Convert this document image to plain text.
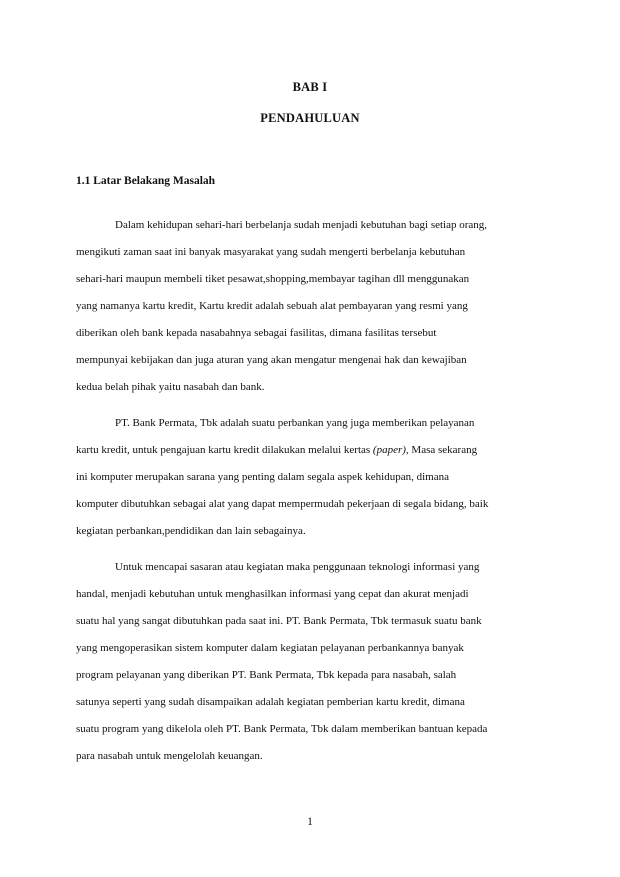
BAB I
PENDAHULUAN
1.1 Latar Belakang Masalah

Dalam kehidupan sehari-hari berbelanja sudah menjadi kebutuhan bagi setiap orang,

mengikuti zaman saat ini banyak masyarakat yang sudah mengerti berbelanja kebutuhan

sehari-hari maupun membeli tiket pesawat,shopping,membayar tagihan dll menggunakan

yang namanya kartu kredit, Kartu kredit adalah sebuah alat pembayaran yang resmi yang

diberikan oleh bank kepada nasabahnya sebagai fasilitas, dimana fasilitas tersebut

mempunyai kebijakan dan juga aturan yang akan mengatur mengenai hak dan kewajiban

kedua belah pihak yaitu nasabah dan bank.

PT. Bank Permata, Tbk adalah suatu perbankan yang juga memberikan pelayanan

kartu kredit, untuk pengajuan kartu kredit dilakukan melalui kertas (paper), Masa sekarang

ini komputer merupakan sarana yang penting dalam segala aspek kehidupan, dimana

komputer dibutuhkan sebagai alat yang dapat mempermudah pekerjaan di segala bidang, baik

kegiatan perbankan,pendidikan dan lain sebagainya.

Untuk mencapai sasaran atau kegiatan maka penggunaan teknologi informasi yang

handal, menjadi kebutuhan untuk menghasilkan informasi yang cepat dan akurat menjadi

suatu hal yang sangat dibutuhkan pada saat ini. PT. Bank Permata, Tbk termasuk suatu bank

yang mengoperasikan sistem komputer dalam kegiatan pelayanan perbankannya banyak

program pelayanan yang diberikan PT. Bank Permata, Tbk kepada para nasabah, salah

satunya seperti yang sudah disampaikan adalah kegiatan pemberian kartu kredit, dimana

suatu program yang dikelola oleh PT. Bank Permata, Tbk dalam memberikan bantuan kepada

para nasabah untuk mengelolah keuangan.

1
